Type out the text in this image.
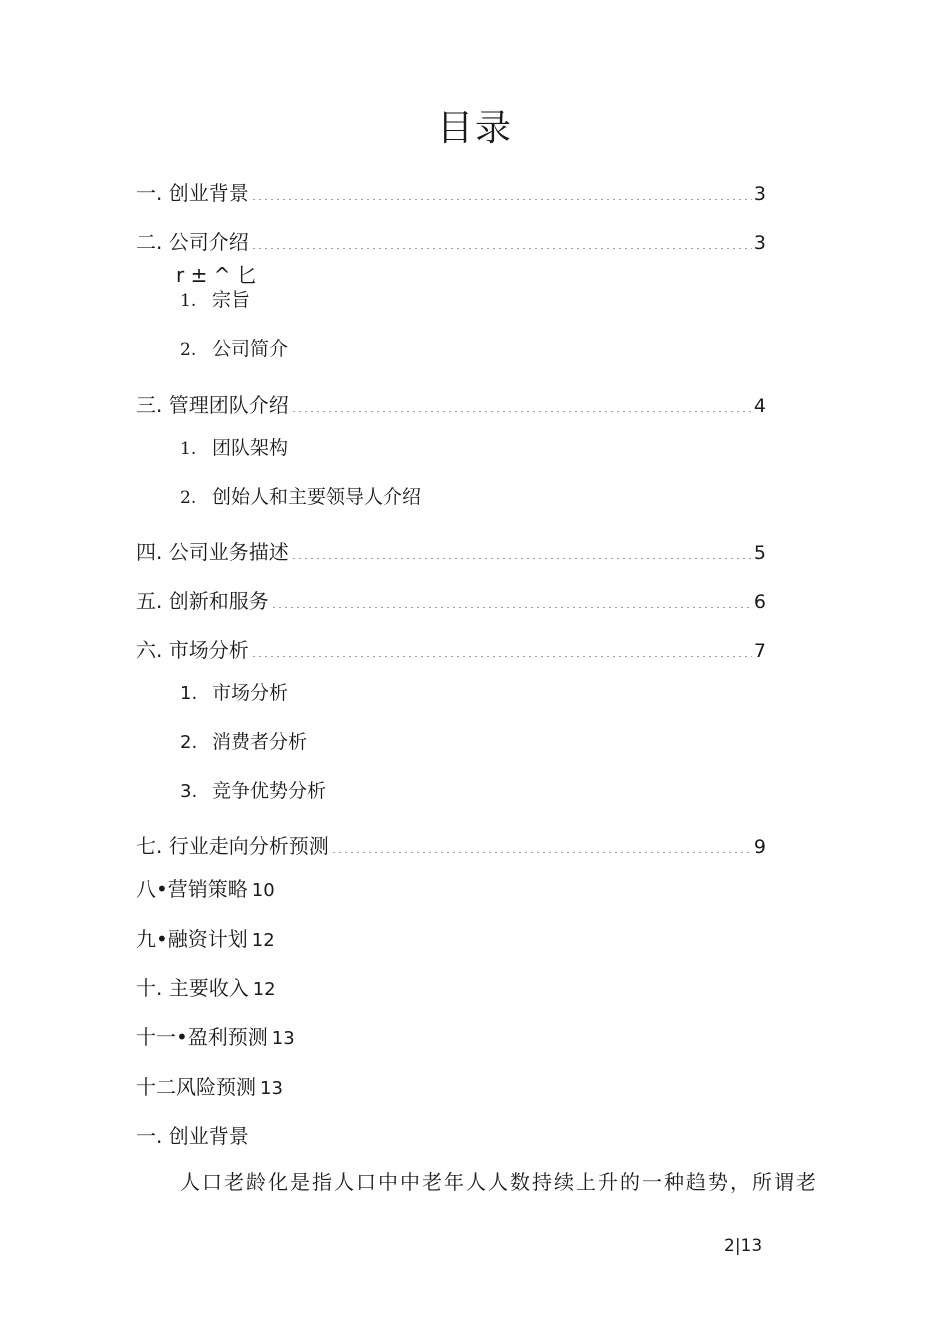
目录
一. 创业背景	3
二. 公司介绍	3
r ± ^ 匕
1. 宗旨
2. 公司简介
三. 管理团队介绍	4
1. 团队架构
2. 创始人和主要领导人介绍
四. 公司业务描述	5
五. 创新和服务	6
六. 市场分析	7
1. 市场分析
2. 消费者分析
3. 竞争优势分析
七. 行业走向分析预测	9
八•营销策略 10
九•融资计划 12
十. 主要收入 12
十一•盈利预测 13
十二风险预测 13
一. 创业背景
人口老龄化是指人口中中老年人人数持续上升的一种趋势，所谓老
2|13
